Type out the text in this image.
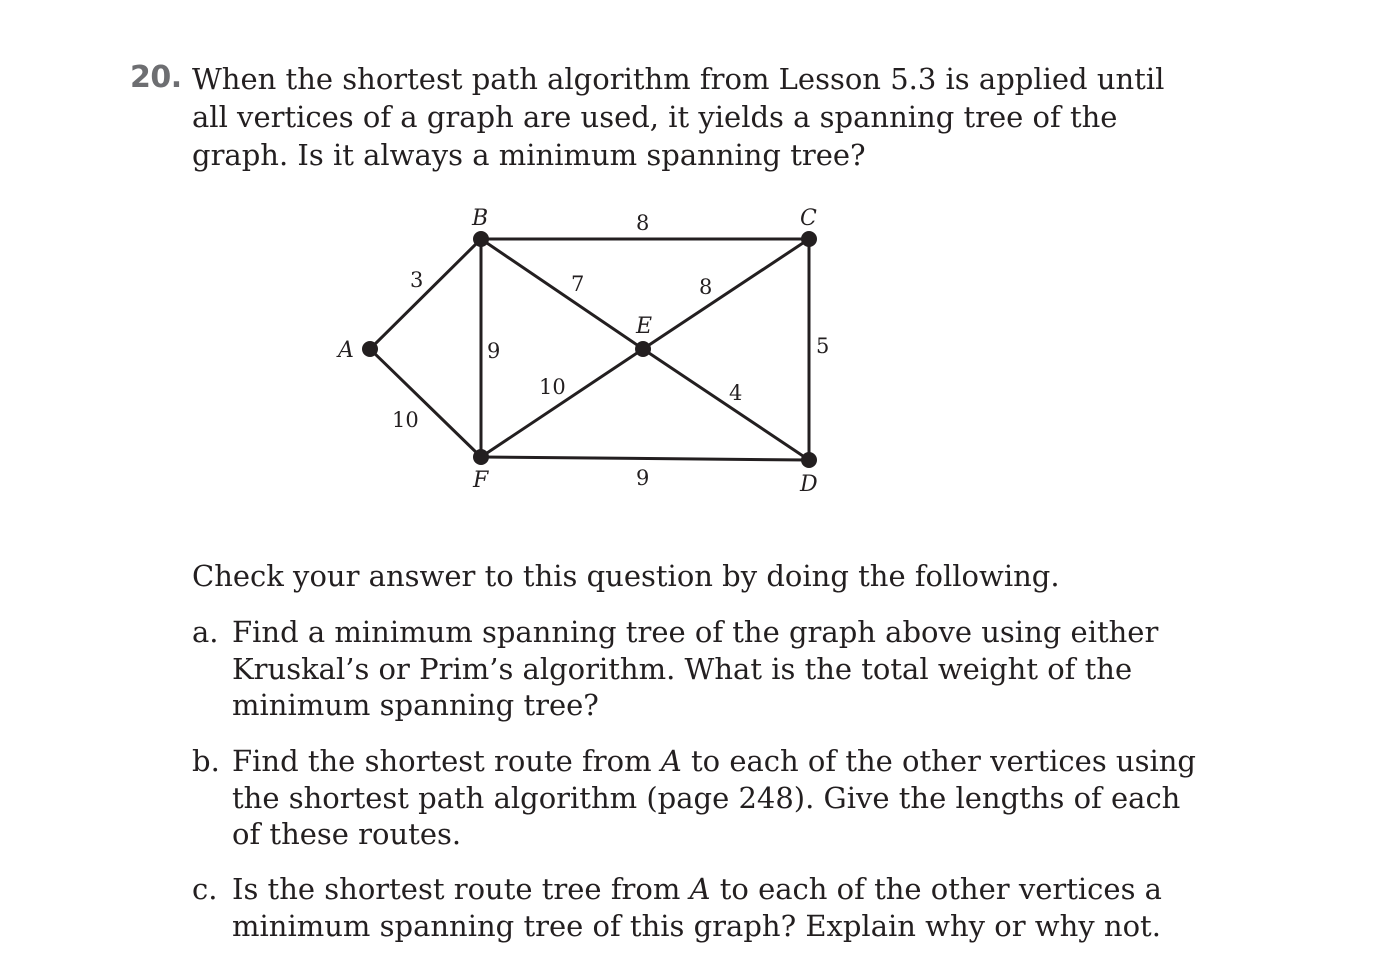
20. When the shortest path algorithm from Lesson 5.3 is applied until
all vertices of a graph are used, it yields a spanning tree of the
graph. Is it always a minimum spanning tree?
A
B	C
D
E
F
3
10
8
7
9
8
10	4
5
9
Check your answer to this question by doing the following.
a. Find a minimum spanning tree of the graph above using either
Kruskal’s or Prim’s algorithm. What is the total weight of the
minimum spanning tree?
b. Find the shortest route from A to each of the other vertices using
the shortest path algorithm (page 248). Give the lengths of each
of these routes.
c. Is the shortest route tree from A to each of the other vertices a
minimum spanning tree of this graph? Explain why or why not.
